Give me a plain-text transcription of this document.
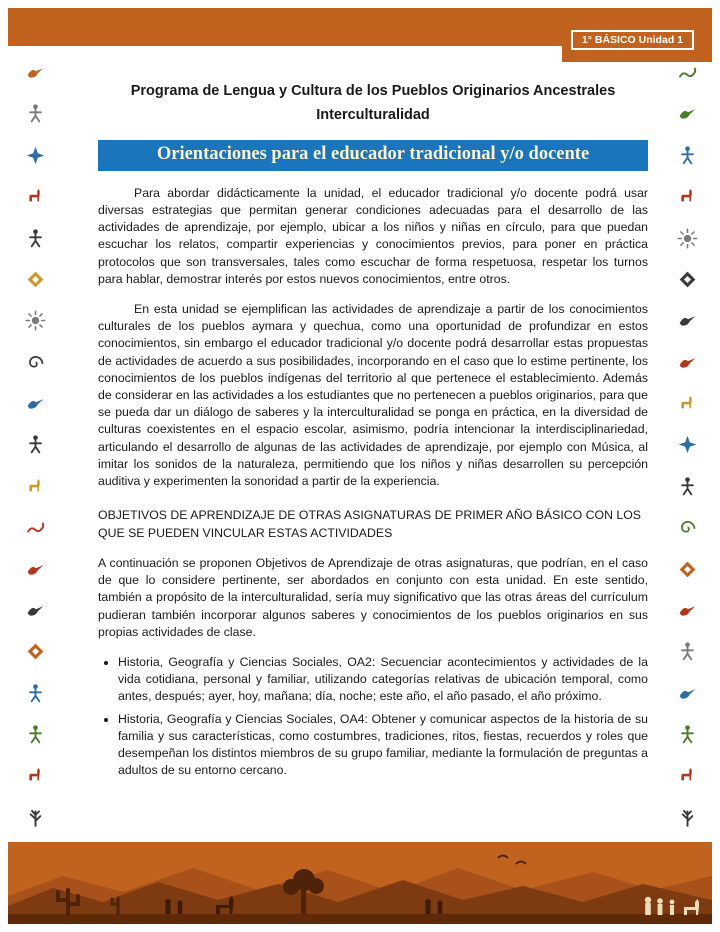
1° BÁSICO Unidad 1
Programa de Lengua y Cultura de los Pueblos Originarios Ancestrales
Interculturalidad
Orientaciones para el educador tradicional y/o docente

Para abordar didácticamente la unidad, el educador tradicional y/o docente podrá usar diversas estrategias que permitan generar condiciones adecuadas para el desarrollo de las actividades de aprendizaje, por ejemplo, ubicar a los niños y niñas en círculo, para que puedan escuchar los relatos, compartir experiencias y conocimientos previos, para poner en práctica protocolos que son transversales, tales como escuchar de forma respetuosa, respetar los turnos para hablar, demostrar interés por estos nuevos conocimientos, entre otros.

En esta unidad se ejemplifican las actividades de aprendizaje a partir de los conocimientos culturales de los pueblos aymara y quechua, como una oportunidad de profundizar en estos conocimientos, sin embargo el educador tradicional y/o docente podrá desarrollar estas propuestas de actividades de acuerdo a sus posibilidades, incorporando en el caso que lo estime pertinente, los conocimientos de los pueblos indígenas del territorio al que pertenece el establecimiento. Además de considerar en las actividades a los estudiantes que no pertenecen a pueblos originarios, para que se pueda dar un diálogo de saberes y la interculturalidad se ponga en práctica, en la diversidad de culturas coexistentes en el espacio escolar, asimismo, podría intencionar la interdisciplinariedad, articulando el desarrollo de algunas de las actividades de aprendizaje, por ejemplo con Música, al imitar los sonidos de la naturaleza, permitiendo que los niños y niñas desarrollen su percepción auditiva y experimenten la sonoridad a partir de la experiencia.

OBJETIVOS DE APRENDIZAJE DE OTRAS ASIGNATURAS DE PRIMER AÑO BÁSICO CON LOS QUE SE PUEDEN VINCULAR ESTAS ACTIVIDADES

A continuación se proponen Objetivos de Aprendizaje de otras asignaturas, que podrían, en el caso de que lo considere pertinente, ser abordados en conjunto con esta unidad. En este sentido, también a propósito de la interculturalidad, sería muy significativo que las otras áreas del currículum pudieran también incorporar algunos saberes y conocimientos de los pueblos originarios en sus propias actividades de clase.

• Historia, Geografía y Ciencias Sociales, OA2: Secuenciar acontecimientos y actividades de la vida cotidiana, personal y familiar, utilizando categorías relativas de ubicación temporal, como antes, después; ayer, hoy, mañana; día, noche; este año, el año pasado, el año próximo.
• Historia, Geografía y Ciencias Sociales, OA4: Obtener y comunicar aspectos de la historia de su familia y sus características, como costumbres, tradiciones, ritos, fiestas, recuerdos y roles que desempeñan los distintos miembros de su grupo familiar, mediante la formulación de preguntas a adultos de su entorno cercano.
